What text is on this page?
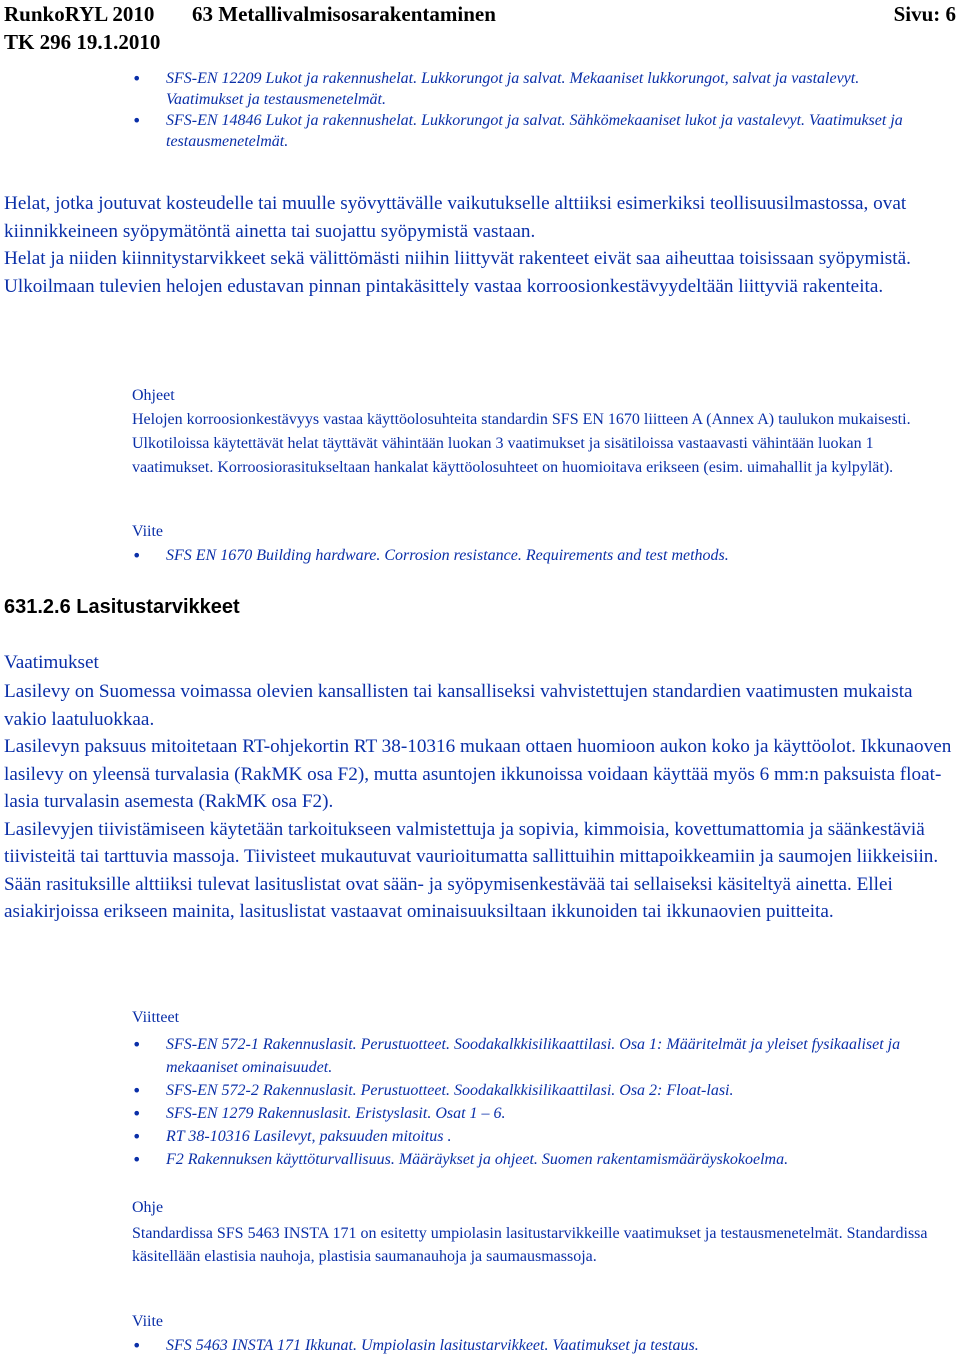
RunkoRYL 2010
TK 296 19.1.2010
63 Metallivalmisosarakentaminen	Sivu: 6
• SFS-EN 12209 Lukot ja rakennushelat. Lukkorungot ja salvat. Mekaaniset lukkorungot, salvat ja vastalevyt. Vaatimukset ja testausmenetelmät.
• SFS-EN 14846 Lukot ja rakennushelat. Lukkorungot ja salvat. Sähkömekaaniset lukot ja vastalevyt. Vaatimukset ja testausmenetelmät.

Helat, jotka joutuvat kosteudelle tai muulle syövyttävälle vaikutukselle alttiiksi esimerkiksi teollisuusilmastossa, ovat kiinnikkeineen syöpymätöntä ainetta tai suojattu syöpymistä vastaan.

Helat ja niiden kiinnitystarvikkeet sekä välittömästi niihin liittyvät rakenteet eivät saa aiheuttaa toisissaan syöpymistä.

Ulkoilmaan tulevien helojen edustavan pinnan pintakäsittely vastaa korroosionkestävyydeltään liittyviä rakenteita.

Ohjeet

Helojen korroosionkestävyys vastaa käyttöolosuhteita standardin SFS EN 1670 liitteen A (Annex A) taulukon mukaisesti. Ulkotiloissa käytettävät helat täyttävät vähintään luokan 3 vaatimukset ja sisätiloissa vastaavasti vähintään luokan 1 vaatimukset. Korroosiorasitukseltaan hankalat käyttöolosuhteet on huomioitava erikseen (esim. uimahallit ja kylpylät).

Viite

• SFS EN 1670 Building hardware. Corrosion resistance. Requirements and test methods.
631.2.6 Lasitustarvikkeet
Vaatimukset

Lasilevy on Suomessa voimassa olevien kansallisten tai kansalliseksi vahvistettujen standardien vaatimusten mukaista vakio laatuluokkaa.

Lasilevyn paksuus mitoitetaan RT-ohjekortin RT 38-10316 mukaan ottaen huomioon aukon koko ja käyttöolot. Ikkunaoven lasilevy on yleensä turvalasia (RakMK osa F2), mutta asuntojen ikkunoissa voidaan käyttää myös 6 mm:n paksuista float-lasia turvalasin asemesta (RakMK osa F2).

Lasilevyjen tiivistämiseen käytetään tarkoitukseen valmistettuja ja sopivia, kimmoisia, kovettumattomia ja säänkestäviä tiivisteitä tai tarttuvia massoja. Tiivisteet mukautuvat vaurioitumatta sallittuihin mittapoikkeamiin ja saumojen liikkeisiin.

Sään rasituksille alttiiksi tulevat lasituslistat ovat sään- ja syöpymisenkestävää tai sellaiseksi käsiteltyä ainetta. Ellei asiakirjoissa erikseen mainita, lasituslistat vastaavat ominaisuuksiltaan ikkunoiden tai ikkunaovien puitteita.

Viitteet

• SFS-EN 572-1 Rakennuslasit. Perustuotteet. Soodakalkkisilikaattilasi. Osa 1: Määritelmät ja yleiset fysikaaliset ja mekaaniset ominaisuudet.
• SFS-EN 572-2 Rakennuslasit. Perustuotteet. Soodakalkkisilikaattilasi. Osa 2: Float-lasi.
• SFS-EN 1279 Rakennuslasit. Eristyslasit. Osat 1 – 6.
• RT 38-10316 Lasilevyt, paksuuden mitoitus .
• F2 Rakennuksen käyttöturvallisuus. Määräykset ja ohjeet. Suomen rakentamismääräyskokoelma.

Ohje

Standardissa SFS 5463 INSTA 171 on esitetty umpiolasin lasitustarvikkeille vaatimukset ja testausmenetelmät. Standardissa käsitellään elastisia nauhoja, plastisia saumanauhoja ja saumausmassoja.

Viite

• SFS 5463 INSTA 171 Ikkunat. Umpiolasin lasitustarvikkeet. Vaatimukset ja testaus.
